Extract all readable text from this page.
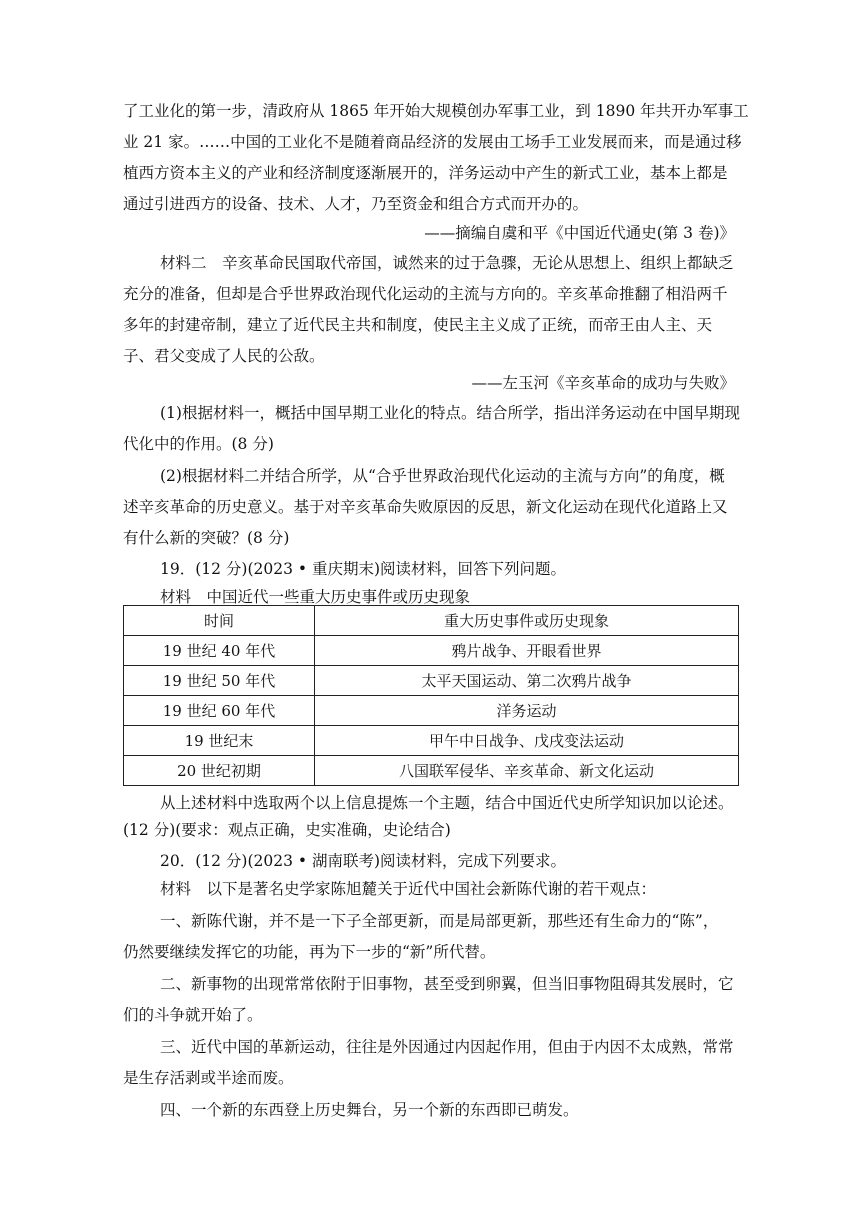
了工业化的第一步，清政府从 1865 年开始大规模创办军事工业，到 1890 年共开办军事工
业 21 家。……中国的工业化不是随着商品经济的发展由工场手工业发展而来，而是通过移
植西方资本主义的产业和经济制度逐渐展开的，洋务运动中产生的新式工业，基本上都是
通过引进西方的设备、技术、人才，乃至资金和组合方式而开办的。
——摘编自虞和平《中国近代通史(第 3 卷)》
材料二　辛亥革命民国取代帝国，诚然来的过于急骤，无论从思想上、组织上都缺乏
充分的准备，但却是合乎世界政治现代化运动的主流与方向的。辛亥革命推翻了相沿两千
多年的封建帝制，建立了近代民主共和制度，使民主主义成了正统，而帝王由人主、天
子、君父变成了人民的公敌。
——左玉河《辛亥革命的成功与失败》
(1)根据材料一，概括中国早期工业化的特点。结合所学，指出洋务运动在中国早期现
代化中的作用。(8 分)
(2)根据材料二并结合所学，从“合乎世界政治现代化运动的主流与方向”的角度，概
述辛亥革命的历史意义。基于对辛亥革命失败原因的反思，新文化运动在现代化道路上又
有什么新的突破？(8 分)
19．(12 分)(2023 • 重庆期末)阅读材料，回答下列问题。
材料　中国近代一些重大历史事件或历史现象
时间	重大历史事件或历史现象
19 世纪 40 年代	鸦片战争、开眼看世界
19 世纪 50 年代	太平天国运动、第二次鸦片战争
19 世纪 60 年代	洋务运动
19 世纪末	甲午中日战争、戊戌变法运动
20 世纪初期	八国联军侵华、辛亥革命、新文化运动
从上述材料中选取两个以上信息提炼一个主题，结合中国近代史所学知识加以论述。
(12 分)(要求：观点正确，史实准确，史论结合)
20．(12 分)(2023 • 湖南联考)阅读材料，完成下列要求。
材料　以下是著名史学家陈旭麓关于近代中国社会新陈代谢的若干观点：
一、新陈代谢，并不是一下子全部更新，而是局部更新，那些还有生命力的“陈”，
仍然要继续发挥它的功能，再为下一步的“新”所代替。
二、新事物的出现常常依附于旧事物，甚至受到卵翼，但当旧事物阻碍其发展时，它
们的斗争就开始了。
三、近代中国的革新运动，往往是外因通过内因起作用，但由于内因不太成熟，常常
是生存活剥或半途而废。
四、一个新的东西登上历史舞台，另一个新的东西即已萌发。
